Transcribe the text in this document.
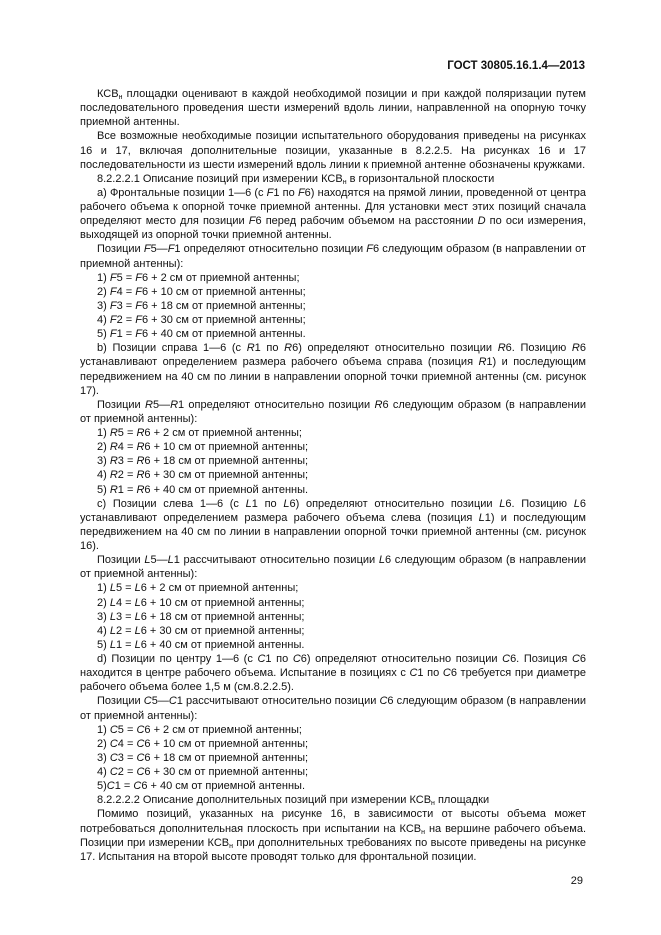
ГОСТ 30805.16.1.4—2013

$КСВ_н$ площадки оценивают в каждой необходимой позиции и при каждой поляризации путем последовательного проведения шести измерений вдоль линии, направленной на опорную точку приемной антенны.

Все возможные необходимые позиции испытательного оборудования приведены на рисунках 16 и 17, включая дополнительные позиции, указанные в 8.2.2.5. На рисунках 16 и 17 последовательности из шести измерений вдоль линии к приемной антенне обозначены кружками.

8.2.2.2.1 Описание позиций при измерении $КСВ_н$ в горизонтальной плоскости

а) Фронтальные позиции 1—6 (с F1 по F6) находятся на прямой линии, проведенной от центра рабочего объема к опорной точке приемной антенны. Для установки мест этих позиций сначала определяют место для позиции F6 перед рабочим объемом на расстоянии D по оси измерения, выходящей из опорной точки приемной антенны.

Позиции F5—F1 определяют относительно позиции F6 следующим образом (в направлении от приемной антенны):

1) F5 = F6 + 2 см от приемной антенны;

2) F4 = F6 + 10 см от приемной антенны;

3) F3 = F6 + 18 см от приемной антенны;

4) F2 = F6 + 30 см от приемной антенны;

5) F1 = F6 + 40 см от приемной антенны.

b) Позиции справа 1—6 (с R1 по R6) определяют относительно позиции R6. Позицию R6 устанавливают определением размера рабочего объема справа (позиция R1) и последующим передвижением на 40 см по линии в направлении опорной точки приемной антенны (см. рисунок 17).

Позиции R5—R1 определяют относительно позиции R6 следующим образом (в направлении от приемной антенны):

1) R5 = R6 + 2 см от приемной антенны;

2) R4 = R6 + 10 см от приемной антенны;

3) R3 = R6 + 18 см от приемной антенны;

4) R2 = R6 + 30 см от приемной антенны;

5) R1 = R6 + 40 см от приемной антенны.

с) Позиции слева 1—6 (с L1 по L6) определяют относительно позиции L6. Позицию L6 устанавливают определением размера рабочего объема слева (позиция L1) и последующим передвижением на 40 см по линии в направлении опорной точки приемной антенны (см. рисунок 16).

Позиции L5—L1 рассчитывают относительно позиции L6 следующим образом (в направлении от приемной антенны):

1) L5 = L6 + 2 см от приемной антенны;

2) L4 = L6 + 10 см от приемной антенны;

3) L3 = L6 + 18 см от приемной антенны;

4) L2 = L6 + 30 см от приемной антенны;

5) L1 = L6 + 40 см от приемной антенны.

d) Позиции по центру 1—6 (с C1 по C6) определяют относительно позиции C6. Позиция C6 находится в центре рабочего объема. Испытание в позициях с C1 по C6 требуется при диаметре рабочего объема более 1,5 м (см.8.2.2.5).

Позиции C5—C1 рассчитывают относительно позиции C6 следующим образом (в направлении от приемной антенны):

1) C5 = C6 + 2 см от приемной антенны;

2) C4 = C6 + 10 см от приемной антенны;

3) C3 = C6 + 18 см от приемной антенны;

4) C2 = C6 + 30 см от приемной антенны;

5)C1 = C6 + 40 см от приемной антенны.

8.2.2.2.2 Описание дополнительных позиций при измерении $КСВ_н$ площадки

Помимо позиций, указанных на рисунке 16, в зависимости от высоты объема может потребоваться дополнительная плоскость при испытании на $КСВ_н$ на вершине рабочего объема. Позиции при измерении $КСВ_н$ при дополнительных требованиях по высоте приведены на рисунке 17. Испытания на второй высоте проводят только для фронтальной позиции.

29
